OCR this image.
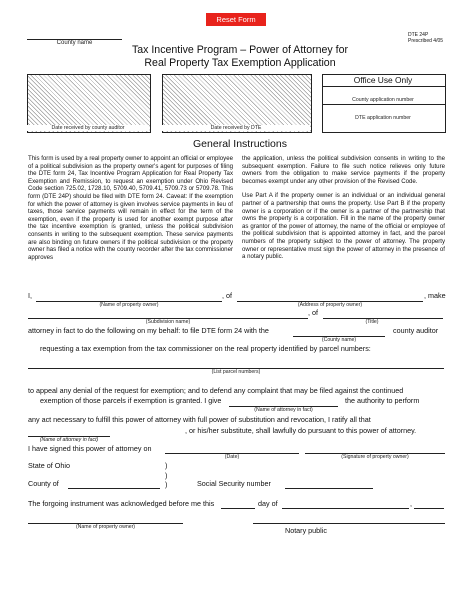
Reset Form
County name
DTE 24P
Prescribed 4/05
Tax Incentive Program – Power of Attorney for
Real Property Tax Exemption Application
Date received by county auditor	Date received by DTE
Office Use Only
County application number
DTE application number
General Instructions

This form is used by a real property owner to appoint an official or employee of a political subdivision as the property owner's agent for purposes of filing the DTE form 24, Tax Incentive Program Application for Real Property Tax Exemption and Remission, to request an exemption under Ohio Revised Code section 725.02, 1728.10, 5709.40, 5709.41, 5709.73 or 5709.78. This form (DTE 24P) should be filed with DTE form 24. Caveat: If the exemption for which the power of attorney is given involves service payments in lieu of taxes, those service payments will remain in effect for the term of the exemption, even if the property is used for another exempt purpose after the tax incentive exemption is granted, unless the political subdivision consents in writing to the subsequent exemption. These service payments are also binding on future owners if the political subdivision or the property owner has filed a notice with the county recorder after the tax commissioner approves

the application, unless the political subdivision consents in writing to the subsequent exemption. Failure to file such notice relieves only future owners from the obligation to make service payments if the property becomes exempt under any other provision of the Revised Code.

Use Part A if the property owner is an individual or an individual general partner of a partnership that owns the property. Use Part B if the property owner is a corporation or if the owner is a partner of the partnership that owns the property is a corporation. Fill in the name of the property owner as grantor of the power of attorney, the name of the official or employee of the political subdivision that is appointed attorney in fact, and the parcel numbers of the property subject to the power of attorney. The property owner or representative must sign the power of attorney in the presence of a notary public.

I,
(Name of property owner)
, of
(Address of property owner)
, make
(Subdivision name)
, of
(Title)
attorney in fact to do the following on my behalf: to file DTE form 24 with the
(County name)
county auditor
requesting a tax exemption from the tax commissioner on the real property identified by parcel numbers:
(List parcel numbers)
to appeal any denial of the request for exemption; and to defend any complaint that may be filed against the continued
exemption of those parcels if exemption is granted. I give
(Name of attorney in fact)
the authority to perform
any act necessary to fulfill this power of attorney with full power of substitution and revocation, I ratify all that
(Name of attorney in fact)
, or his/her substitute, shall lawfully do pursuant to this power of attorney.
I have signed this power of attorney on
(Date)	(Signature of property owner)
State of Ohio	)
)
County of	)	Social Security number
The forgoing instrument was acknowledged before me this	day of	,
(Name of property owner)	Notary public
